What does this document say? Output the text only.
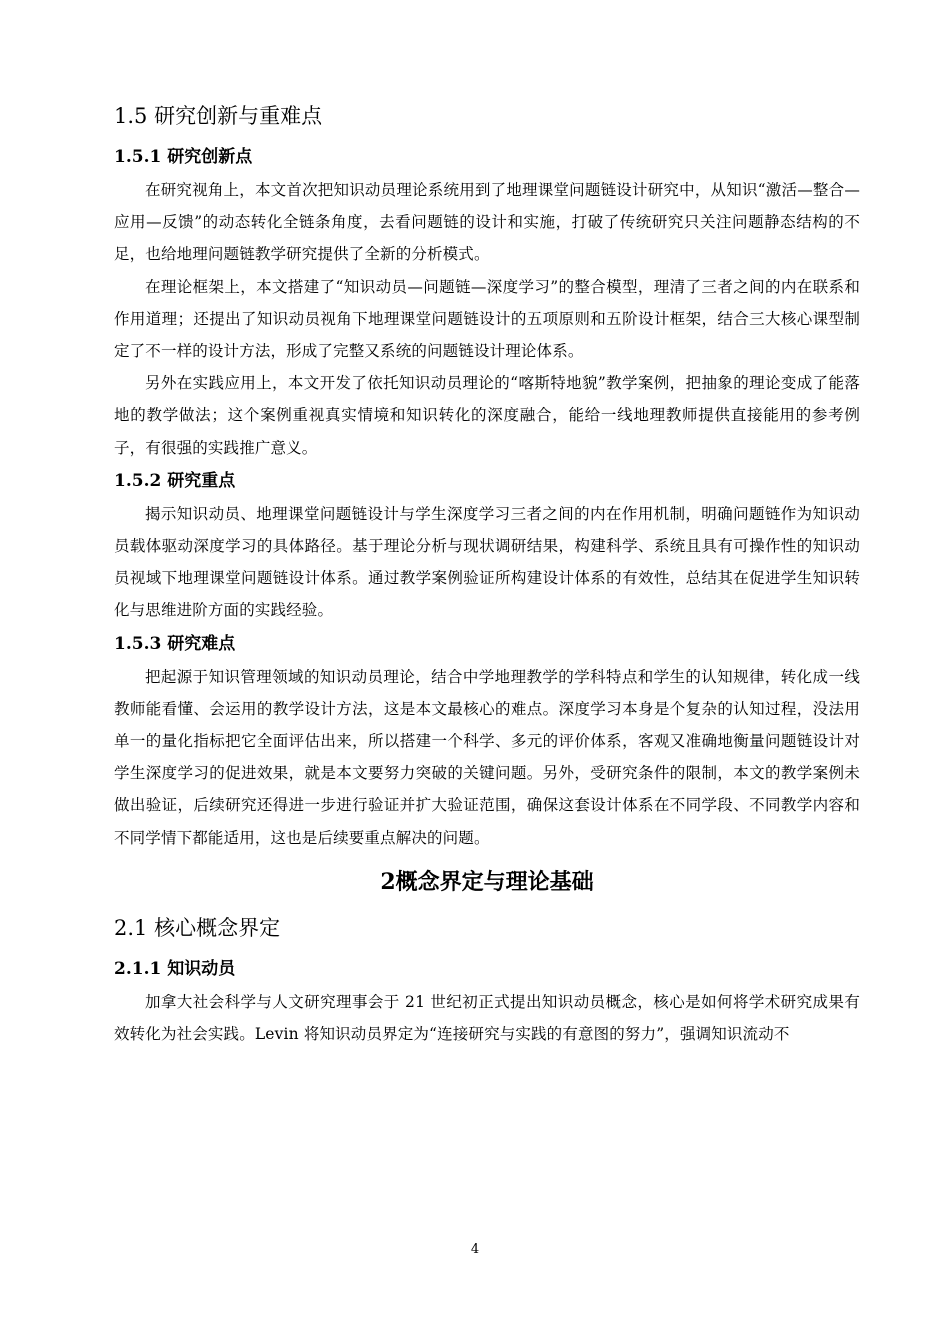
1.5 研究创新与重难点
1.5.1 研究创新点

在研究视角上，本文首次把知识动员理论系统用到了地理课堂问题链设计研究中，从知识“激活—整合—应用—反馈”的动态转化全链条角度，去看问题链的设计和实施，打破了传统研究只关注问题静态结构的不足，也给地理问题链教学研究提供了全新的分析模式。

在理论框架上，本文搭建了“知识动员—问题链—深度学习”的整合模型，理清了三者之间的内在联系和作用道理；还提出了知识动员视角下地理课堂问题链设计的五项原则和五阶设计框架，结合三大核心课型制定了不一样的设计方法，形成了完整又系统的问题链设计理论体系。

另外在实践应用上，本文开发了依托知识动员理论的“喀斯特地貌”教学案例，把抽象的理论变成了能落地的教学做法；这个案例重视真实情境和知识转化的深度融合，能给一线地理教师提供直接能用的参考例子，有很强的实践推广意义。

1.5.2 研究重点

揭示知识动员、地理课堂问题链设计与学生深度学习三者之间的内在作用机制，明确问题链作为知识动员载体驱动深度学习的具体路径。基于理论分析与现状调研结果，构建科学、系统且具有可操作性的知识动员视域下地理课堂问题链设计体系。通过教学案例验证所构建设计体系的有效性，总结其在促进学生知识转化与思维进阶方面的实践经验。

1.5.3 研究难点

把起源于知识管理领域的知识动员理论，结合中学地理教学的学科特点和学生的认知规律，转化成一线教师能看懂、会运用的教学设计方法，这是本文最核心的难点。深度学习本身是个复杂的认知过程，没法用单一的量化指标把它全面评估出来，所以搭建一个科学、多元的评价体系，客观又准确地衡量问题链设计对学生深度学习的促进效果，就是本文要努力突破的关键问题。另外，受研究条件的限制，本文的教学案例未做出验证，后续研究还得进一步进行验证并扩大验证范围，确保这套设计体系在不同学段、不同教学内容和不同学情下都能适用，这也是后续要重点解决的问题。

2概念界定与理论基础
2.1 核心概念界定
2.1.1 知识动员

加拿大社会科学与人文研究理事会于 21 世纪初正式提出知识动员概念，核心是如何将学术研究成果有效转化为社会实践。Levin 将知识动员界定为“连接研究与实践的有意图的努力”，强调知识流动不

4
